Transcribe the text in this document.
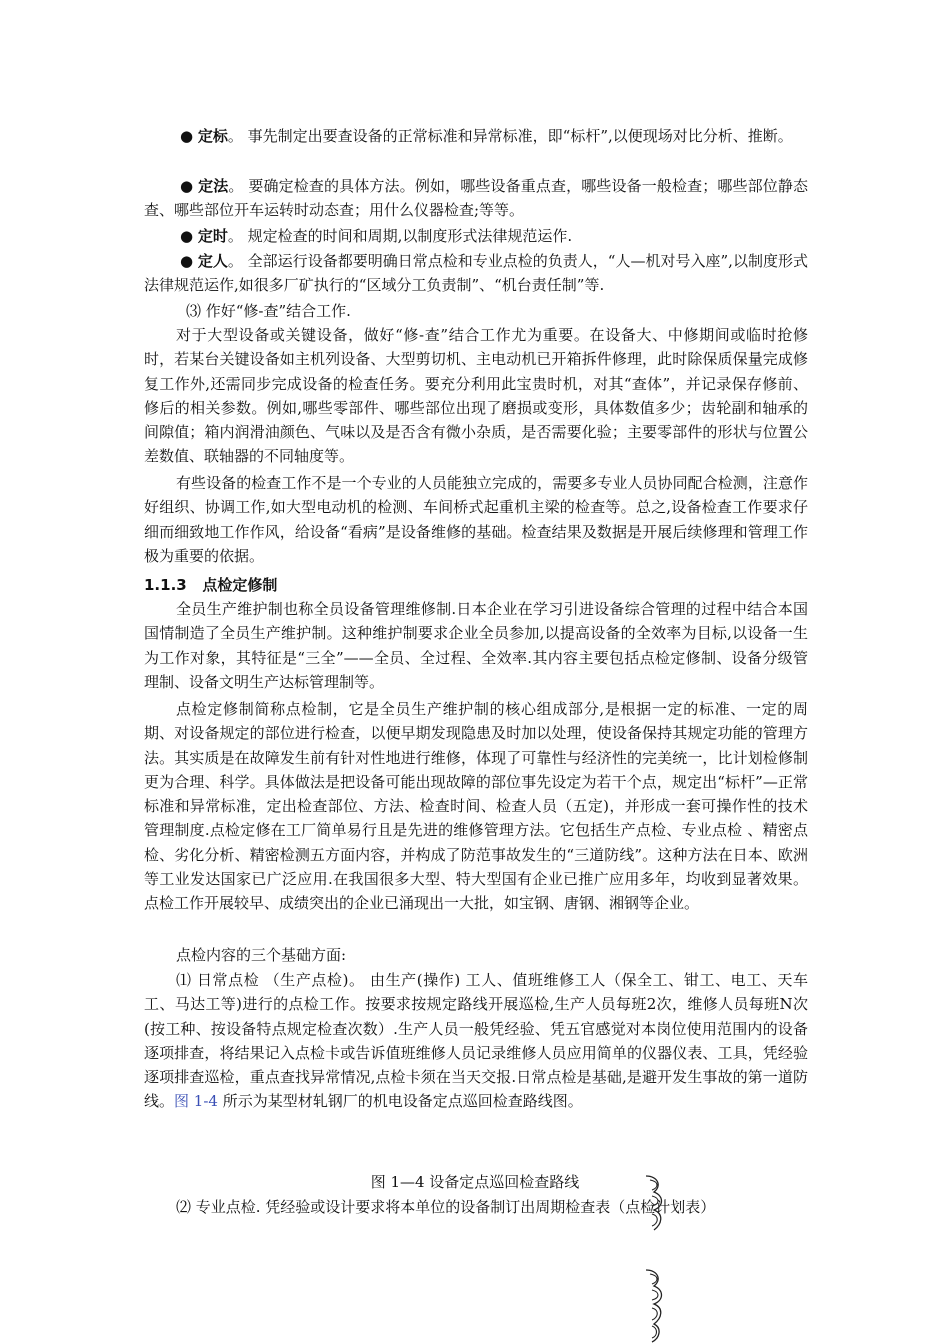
● 定标。 事先制定出要查设备的正常标准和异常标准，即“标杆”,以便现场对比分析、推断。

● 定法。 要确定检查的具体方法。例如，哪些设备重点查，哪些设备一般检查；哪些部位静态查、哪些部位开车运转时动态查；用什么仪器检查;等等。

● 定时。 规定检查的时间和周期,以制度形式法律规范运作.

● 定人。 全部运行设备都要明确日常点检和专业点检的负责人，“人—机对号入座”,以制度形式法律规范运作,如很多厂矿执行的“区域分工负责制”、“机台责任制”等.

⑶ 作好“修-查”结合工作.

对于大型设备或关键设备，做好“修-查”结合工作尤为重要。在设备大、中修期间或临时抢修时，若某台关键设备如主机列设备、大型剪切机、主电动机已开箱拆件修理，此时除保质保量完成修复工作外,还需同步完成设备的检查任务。要充分利用此宝贵时机，对其“查体”，并记录保存修前、修后的相关参数。例如,哪些零部件、哪些部位出现了磨损或变形，具体数值多少；齿轮副和轴承的间隙值；箱内润滑油颜色、气味以及是否含有微小杂质，是否需要化验；主要零部件的形状与位置公差数值、联轴器的不同轴度等。

有些设备的检查工作不是一个专业的人员能独立完成的，需要多专业人员协同配合检测，注意作好组织、协调工作,如大型电动机的检测、车间桥式起重机主梁的检查等。总之,设备检查工作要求仔细而细致地工作作风，给设备“看病”是设备维修的基础。检查结果及数据是开展后续修理和管理工作极为重要的依据。

1.1.3 点检定修制

全员生产维护制也称全员设备管理维修制.日本企业在学习引进设备综合管理的过程中结合本国国情制造了全员生产维护制。这种维护制要求企业全员参加,以提高设备的全效率为目标,以设备一生为工作对象，其特征是“三全”——全员、全过程、全效率.其内容主要包括点检定修制、设备分级管理制、设备文明生产达标管理制等。

点检定修制简称点检制，它是全员生产维护制的核心组成部分,是根据一定的标准、一定的周期、对设备规定的部位进行检查，以便早期发现隐患及时加以处理，使设备保持其规定功能的管理方法。其实质是在故障发生前有针对性地进行维修，体现了可靠性与经济性的完美统一，比计划检修制更为合理、科学。具体做法是把设备可能出现故障的部位事先设定为若干个点，规定出“标杆”—正常标准和异常标准，定出检查部位、方法、检查时间、检查人员（五定)，并形成一套可操作性的技术管理制度.点检定修在工厂简单易行且是先进的维修管理方法。它包括生产点检、专业点检 、精密点检、劣化分析、精密检测五方面内容，并构成了防范事故发生的“三道防线”。这种方法在日本、欧洲等工业发达国家已广泛应用.在我国很多大型、特大型国有企业已推广应用多年，均收到显著效果。点检工作开展较早、成绩突出的企业已涌现出一大批，如宝钢、唐钢、湘钢等企业。

点检内容的三个基础方面:

⑴ 日常点检 （生产点检)。 由生产(操作) 工人、值班维修工人（保全工、钳工、电工、天车工、马达工等)进行的点检工作。按要求按规定路线开展巡检,生产人员每班2次，维修人员每班N次(按工种、按设备特点规定检查次数）.生产人员一般凭经验、凭五官感觉对本岗位使用范围内的设备逐项排查，将结果记入点检卡或告诉值班维修人员记录维修人员应用简单的仪器仪表、工具，凭经验逐项排查巡检，重点查找异常情况,点检卡须在当天交报.日常点检是基础,是避开发生事故的第一道防线。图 1-4 所示为某型材轧钢厂的机电设备定点巡回检查路线图。

图 1—4 设备定点巡回检查路线

⑵ 专业点检. 凭经验或设计要求将本单位的设备制订出周期检查表（点检计划表）
